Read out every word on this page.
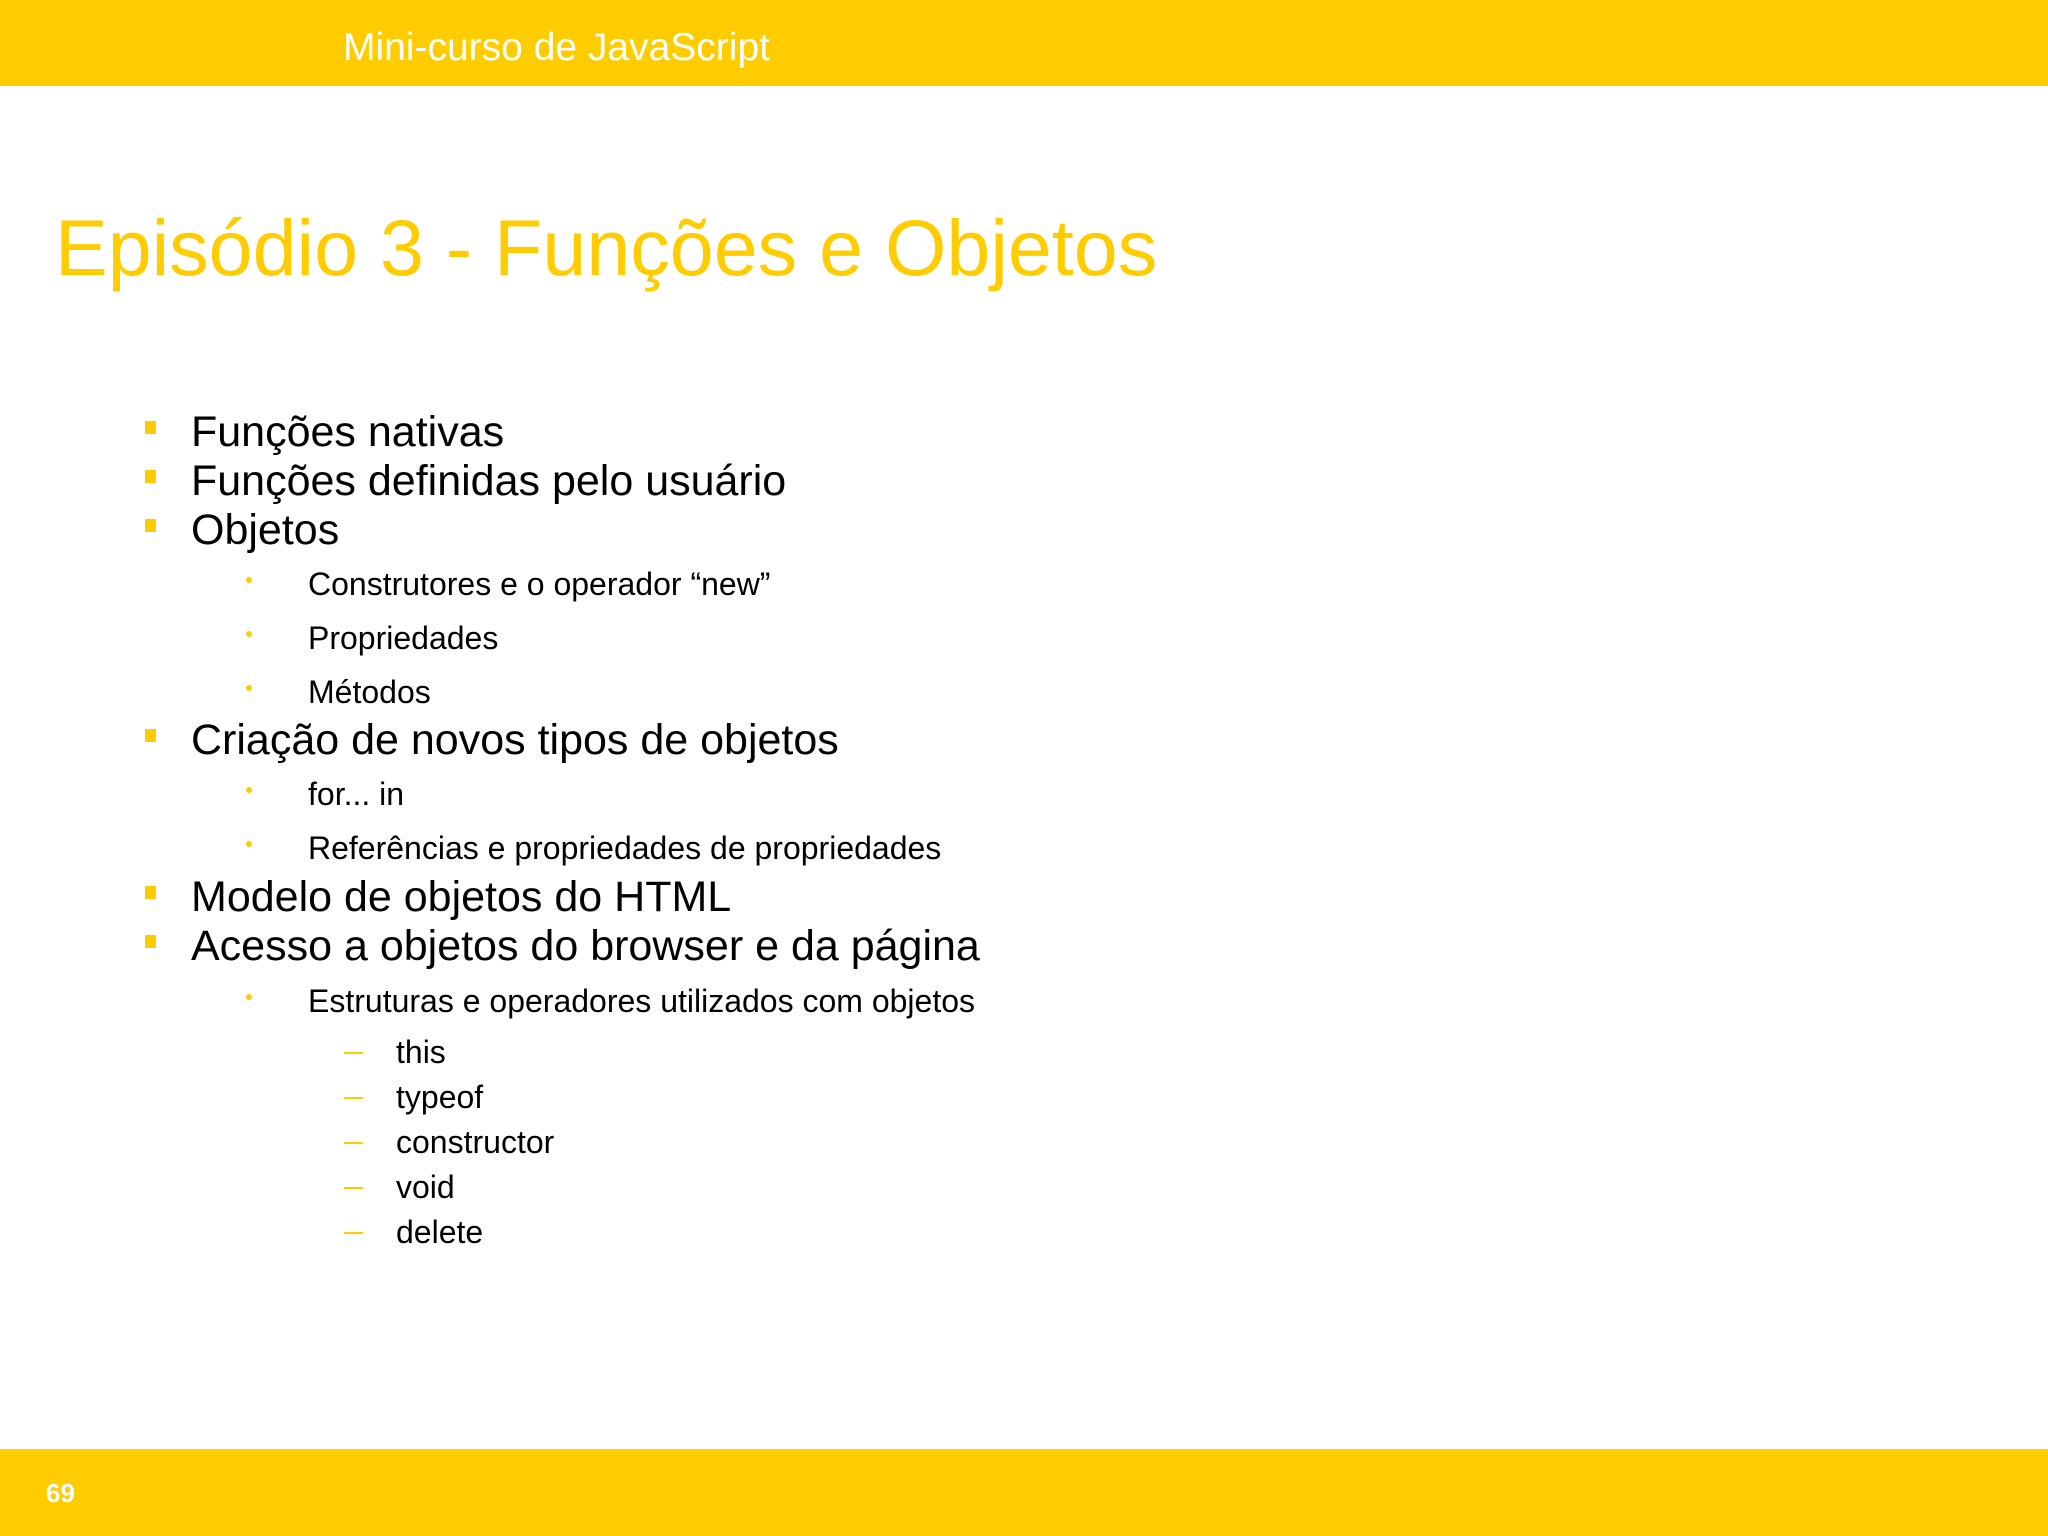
Mini-curso de JavaScript
Episódio 3 - Funções e Objetos
Funções nativas
Funções definidas pelo usuário
Objetos
Construtores e o operador “new”
Propriedades
Métodos
Criação de novos tipos de objetos
for... in
Referências e propriedades de propriedades
Modelo de objetos do HTML
Acesso a objetos do browser e da página
Estruturas e operadores utilizados com objetos
this
typeof
constructor
void
delete
69
